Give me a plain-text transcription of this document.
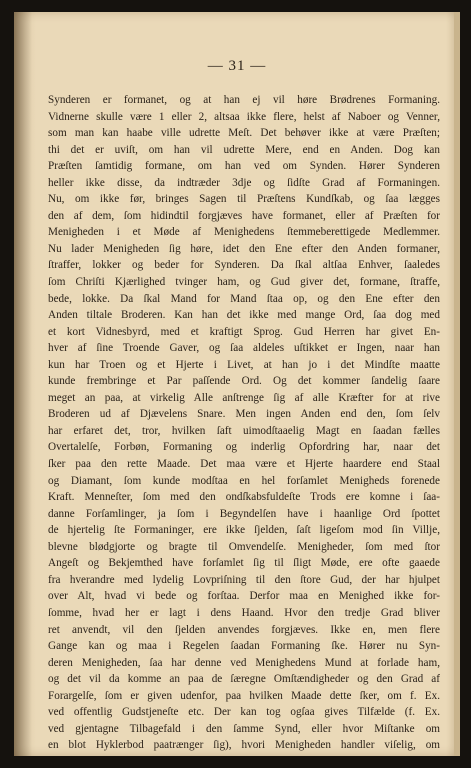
— 31 —
Synderen er formanet, og at han ej vil høre Brødrenes Formaning.
Vidnerne skulle være 1 eller 2, altsaa ikke flere, helst af Naboer og Venner,
som man kan haabe ville udrette Meſt. Det behøver ikke at være Præſten;
thi det er uviſt, om han vil udrette Mere, end en Anden. Dog kan
Præſten ſamtidig formane, om han ved om Synden. Hører Synderen
heller ikke disse, da indtræder 3dje og ſidſte Grad af Formaningen.
Nu, om ikke før, bringes Sagen til Præſtens Kundſkab, og ſaa lægges
den af dem, ſom hidindtil forgjæves have formanet, eller af Præſten for
Menigheden i et Møde af Menighedens ſtemmeberettigede Medlemmer.
Nu lader Menigheden ſig høre, idet den Ene efter den Anden formaner,
ſtraffer, lokker og beder for Synderen. Da ſkal altſaa Enhver, ſaaledes
ſom Chriſti Kjærlighed tvinger ham, og Gud giver det, formane, ſtraffe,
bede, lokke. Da ſkal Mand for Mand ſtaa op, og den Ene efter den
Anden tiltale Broderen. Kan han det ikke med mange Ord, ſaa dog med
et kort Vidnesbyrd, med et kraftigt Sprog. Gud Herren har givet En-
hver af ſine Troende Gaver, og ſaa aldeles uſtikket er Ingen, naar han
kun har Troen og et Hjerte i Livet, at han jo i det Mindſte maatte
kunde frembringe et Par paſſende Ord. Og det kommer ſandelig ſaare
meget an paa, at virkelig Alle anſtrenge ſig af alle Kræfter for at rive
Broderen ud af Djævelens Snare. Men ingen Anden end den, ſom ſelv
har erfaret det, tror, hvilken ſaft uimodſtaaelig Magt en ſaadan fælles
Overtalelſe, Forbøn, Formaning og inderlig Opfordring har, naar det
ſker paa den rette Maade. Det maa være et Hjerte haardere end Staal
og Diamant, ſom kunde modſtaa en hel forſamlet Menigheds forenede
Kraft. Menneſter, ſom med den ondſkabsfuldeſte Trods ere komne i ſaa-
danne Forſamlinger, ja ſom i Begyndelſen have i haanlige Ord ſpottet
de hjertelig ſte Formaninger, ere ikke ſjelden, ſaſt ligeſom mod ſin Villje,
blevne blødgjorte og bragte til Omvendelſe. Menigheder, ſom med ſtor
Angeſt og Bekjemthed have forſamlet ſig til ſligt Møde, ere ofte gaaede
fra hverandre med lydelig Lovpriſning til den ſtore Gud, der har hjulpet
over Alt, hvad vi bede og forſtaa. Derfor maa en Menighed ikke for-
ſomme, hvad her er lagt i dens Haand. Hvor den tredje Grad bliver
ret anvendt, vil den ſjelden anvendes forgjæves. Ikke en, men flere
Gange kan og maa i Regelen ſaadan Formaning ſke. Hører nu Syn-
deren Menigheden, ſaa har denne ved Menighedens Mund at forlade ham,
og det vil da komme an paa de ſæregne Omſtændigheder og den Grad af
Forargelſe, ſom er given udenfor, paa hvilken Maade dette ſker, om f. Ex.
ved offentlig Gudstjeneſte etc. Der kan tog ogſaa gives Tilfælde (f. Ex.
ved gjentagne Tilbagefald i den ſamme Synd, eller hvor Miſtanke om
en blot Hyklerbod paatrænger ſig), hvori Menigheden handler viſelig, om
